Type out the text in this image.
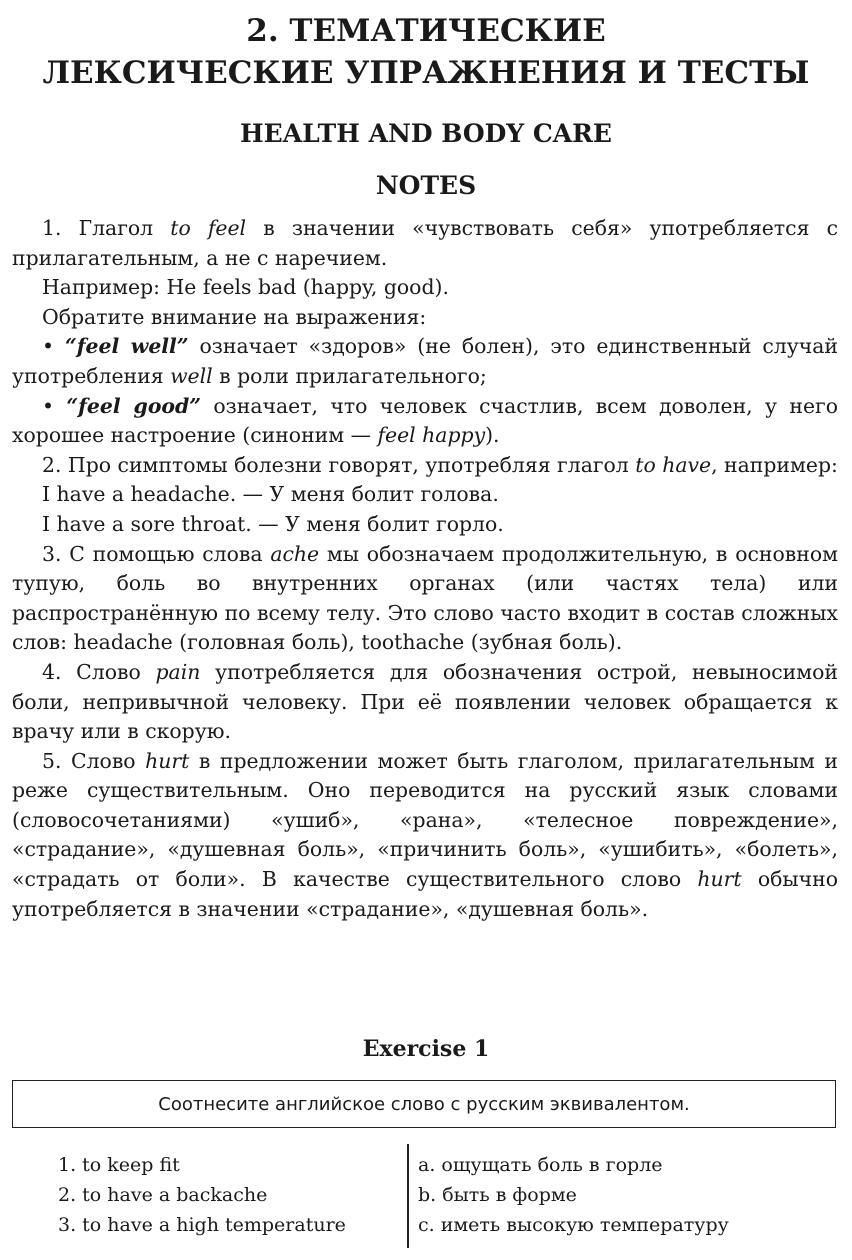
2. ТЕМАТИЧЕСКИЕ
ЛЕКСИЧЕСКИЕ УПРАЖНЕНИЯ И ТЕСТЫ
HEALTH AND BODY CARE
NOTES

1. Глагол to feel в значении «чувствовать себя» употребляется с прилагательным, а не с наречием.

Например: He feels bad (happy, good).

Обратите внимание на выражения:

• “feel well” означает «здоров» (не болен), это единственный случай употребления well в роли прилагательного;

• “feel good” означает, что человек счастлив, всем доволен, у него хорошее настроение (синоним — feel happy).

2. Про симптомы болезни говорят, употребляя глагол to have, например:

I have a headache. — У меня болит голова.

I have a sore throat. — У меня болит горло.

3. С помощью слова ache мы обозначаем продолжительную, в основном тупую, боль во внутренних органах (или частях тела) или распространённую по всему телу. Это слово часто входит в состав сложных слов: headache (головная боль), toothache (зубная боль).

4. Слово pain употребляется для обозначения острой, невыносимой боли, непривычной человеку. При её появлении человек обращается к врачу или в скорую.

5. Слово hurt в предложении может быть глаголом, прилагательным и реже существительным. Оно переводится на русский язык словами (словосочетаниями) «ушиб», «рана», «телесное повреждение», «страдание», «душевная боль», «причинить боль», «ушибить», «болеть», «страдать от боли». В качестве существительного слово hurt обычно употребляется в значении «страдание», «душевная боль».

Exercise 1
Соотнесите английское слово с русским эквивалентом.
1. to keep fit
2. to have a backache
3. to have a high temperature
a. ощущать боль в горле
b. быть в форме
c. иметь высокую температуру
